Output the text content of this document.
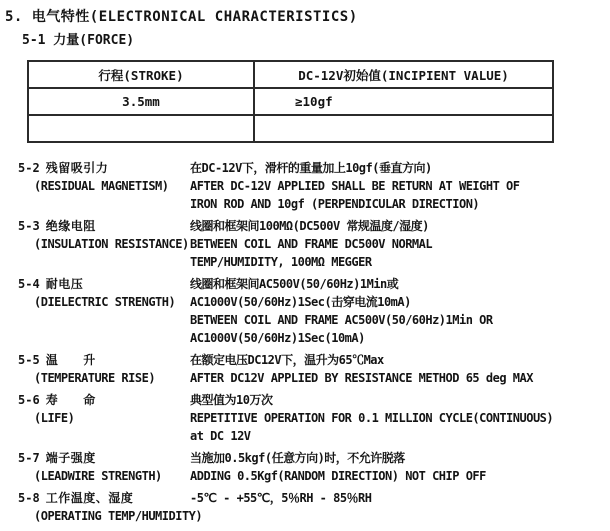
5. 电气特性(ELECTRONICAL CHARACTERISTICS)
5-1 力量(FORCE)
行程(STROKE)	DC-12V初始值(INCIPIENT VALUE)
3.5mm	≥10gf

5-2 残留吸引力
(RESIDUAL MAGNETISM)
在DC-12V下，滑杆的重量加上10gf(垂直方向)
AFTER DC-12V APPLIED SHALL BE RETURN AT WEIGHT OF
IRON ROD AND 10gf (PERPENDICULAR DIRECTION)
5-3 绝缘电阻
(INSULATION RESISTANCE)
线圈和框架间100MΩ(DC500V 常规温度/湿度)
BETWEEN COIL AND FRAME DC500V NORMAL
TEMP/HUMIDITY, 100MΩ MEGGER
5-4 耐电压
(DIELECTRIC STRENGTH)
线圈和框架间AC500V(50/60Hz)1Min或
AC1000V(50/60Hz)1Sec(击穿电流10mA)
BETWEEN COIL AND FRAME AC500V(50/60Hz)1Min OR
AC1000V(50/60Hz)1Sec(10mA)
5-5 温　　升
(TEMPERATURE RISE)
在额定电压DC12V下，温升为65℃Max
AFTER DC12V APPLIED BY RESISTANCE METHOD 65 deg MAX
5-6 寿　　命
(LIFE)
典型值为10万次
REPETITIVE OPERATION FOR 0.1 MILLION CYCLE(CONTINUOUS)
at DC 12V
5-7 端子强度
(LEADWIRE STRENGTH)
当施加0.5kgf(任意方向)时，不允许脱落
ADDING 0.5Kgf(RANDOM DIRECTION) NOT CHIP OFF
5-8 工作温度、湿度
(OPERATING TEMP/HUMIDITY)
-5℃ - +55℃，5％RH - 85％RH
